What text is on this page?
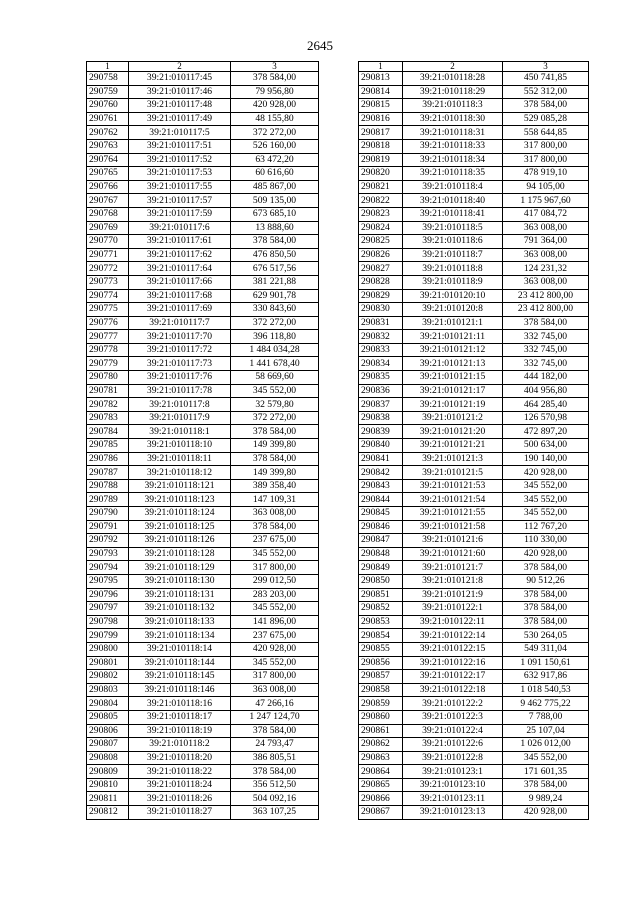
2645
1	2	3
290758	39:21:010117:45	378 584,00
290759	39:21:010117:46	79 956,80
290760	39:21:010117:48	420 928,00
290761	39:21:010117:49	48 155,80
290762	39:21:010117:5	372 272,00
290763	39:21:010117:51	526 160,00
290764	39:21:010117:52	63 472,20
290765	39:21:010117:53	60 616,60
290766	39:21:010117:55	485 867,00
290767	39:21:010117:57	509 135,00
290768	39:21:010117:59	673 685,10
290769	39:21:010117:6	13 888,60
290770	39:21:010117:61	378 584,00
290771	39:21:010117:62	476 850,50
290772	39:21:010117:64	676 517,56
290773	39:21:010117:66	381 221,88
290774	39:21:010117:68	629 901,78
290775	39:21:010117:69	330 843,60
290776	39:21:010117:7	372 272,00
290777	39:21:010117:70	396 118,80
290778	39:21:010117:72	1 484 034,28
290779	39:21:010117:73	1 441 678,40
290780	39:21:010117:76	58 669,60
290781	39:21:010117:78	345 552,00
290782	39:21:010117:8	32 579,80
290783	39:21:010117:9	372 272,00
290784	39:21:010118:1	378 584,00
290785	39:21:010118:10	149 399,80
290786	39:21:010118:11	378 584,00
290787	39:21:010118:12	149 399,80
290788	39:21:010118:121	389 358,40
290789	39:21:010118:123	147 109,31
290790	39:21:010118:124	363 008,00
290791	39:21:010118:125	378 584,00
290792	39:21:010118:126	237 675,00
290793	39:21:010118:128	345 552,00
290794	39:21:010118:129	317 800,00
290795	39:21:010118:130	299 012,50
290796	39:21:010118:131	283 203,00
290797	39:21:010118:132	345 552,00
290798	39:21:010118:133	141 896,00
290799	39:21:010118:134	237 675,00
290800	39:21:010118:14	420 928,00
290801	39:21:010118:144	345 552,00
290802	39:21:010118:145	317 800,00
290803	39:21:010118:146	363 008,00
290804	39:21:010118:16	47 266,16
290805	39:21:010118:17	1 247 124,70
290806	39:21:010118:19	378 584,00
290807	39:21:010118:2	24 793,47
290808	39:21:010118:20	386 805,51
290809	39:21:010118:22	378 584,00
290810	39:21:010118:24	356 512,50
290811	39:21:010118:26	504 092,16
290812	39:21:010118:27	363 107,25
1	2	3
290813	39:21:010118:28	450 741,85
290814	39:21:010118:29	552 312,00
290815	39:21:010118:3	378 584,00
290816	39:21:010118:30	529 085,28
290817	39:21:010118:31	558 644,85
290818	39:21:010118:33	317 800,00
290819	39:21:010118:34	317 800,00
290820	39:21:010118:35	478 919,10
290821	39:21:010118:4	94 105,00
290822	39:21:010118:40	1 175 967,60
290823	39:21:010118:41	417 084,72
290824	39:21:010118:5	363 008,00
290825	39:21:010118:6	791 364,00
290826	39:21:010118:7	363 008,00
290827	39:21:010118:8	124 231,32
290828	39:21:010118:9	363 008,00
290829	39:21:010120:10	23 412 800,00
290830	39:21:010120:8	23 412 800,00
290831	39:21:010121:1	378 584,00
290832	39:21:010121:11	332 745,00
290833	39:21:010121:12	332 745,00
290834	39:21:010121:13	332 745,00
290835	39:21:010121:15	444 182,00
290836	39:21:010121:17	404 956,80
290837	39:21:010121:19	464 285,40
290838	39:21:010121:2	126 570,98
290839	39:21:010121:20	472 897,20
290840	39:21:010121:21	500 634,00
290841	39:21:010121:3	190 140,00
290842	39:21:010121:5	420 928,00
290843	39:21:010121:53	345 552,00
290844	39:21:010121:54	345 552,00
290845	39:21:010121:55	345 552,00
290846	39:21:010121:58	112 767,20
290847	39:21:010121:6	110 330,00
290848	39:21:010121:60	420 928,00
290849	39:21:010121:7	378 584,00
290850	39:21:010121:8	90 512,26
290851	39:21:010121:9	378 584,00
290852	39:21:010122:1	378 584,00
290853	39:21:010122:11	378 584,00
290854	39:21:010122:14	530 264,05
290855	39:21:010122:15	549 311,04
290856	39:21:010122:16	1 091 150,61
290857	39:21:010122:17	632 917,86
290858	39:21:010122:18	1 018 540,53
290859	39:21:010122:2	9 462 775,22
290860	39:21:010122:3	7 788,00
290861	39:21:010122:4	25 107,04
290862	39:21:010122:6	1 026 012,00
290863	39:21:010122:8	345 552,00
290864	39:21:010123:1	171 601,35
290865	39:21:010123:10	378 584,00
290866	39:21:010123:11	9 989,24
290867	39:21:010123:13	420 928,00
